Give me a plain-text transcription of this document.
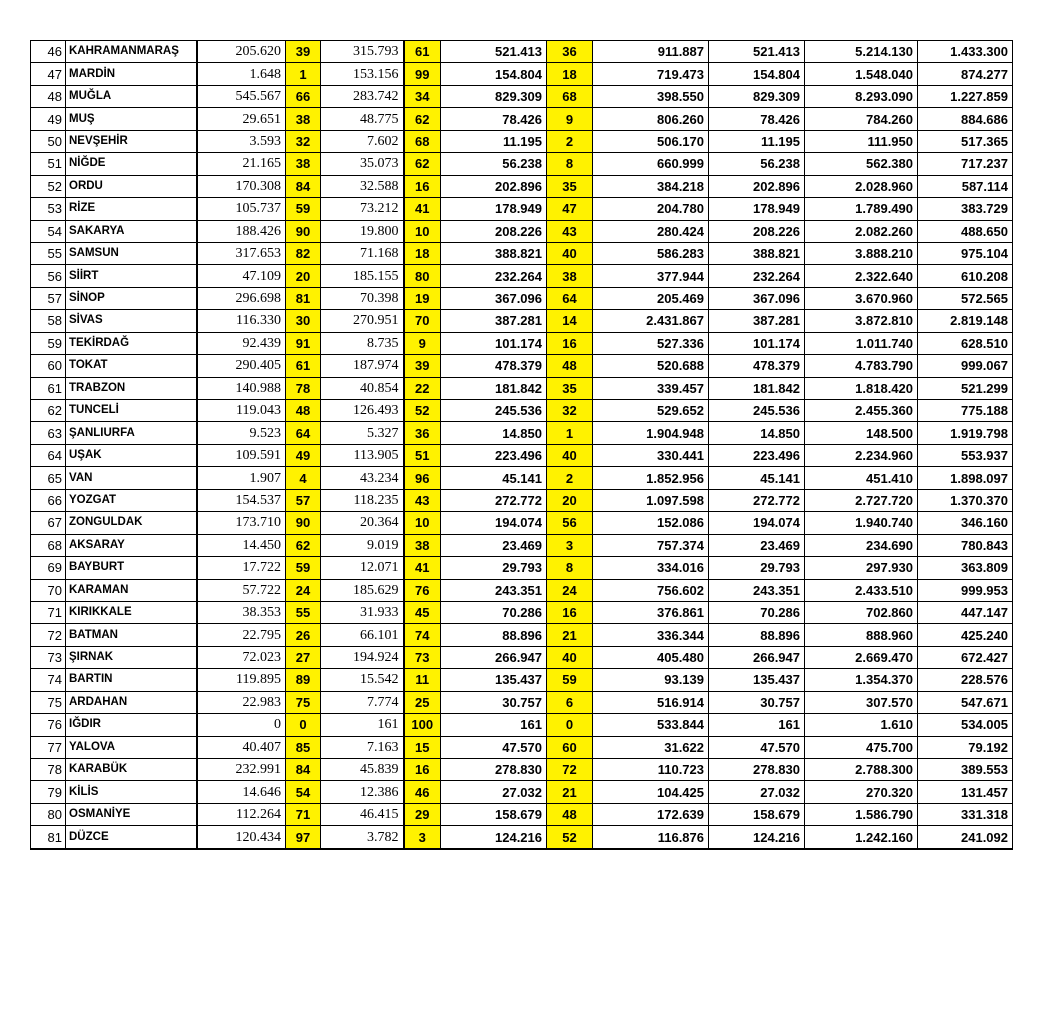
46	KAHRAMANMARAŞ	205.620	39	315.793	61	521.413	36	911.887	521.413	5.214.130	1.433.300
47	MARDİN	1.648	1	153.156	99	154.804	18	719.473	154.804	1.548.040	874.277
48	MUĞLA	545.567	66	283.742	34	829.309	68	398.550	829.309	8.293.090	1.227.859
49	MUŞ	29.651	38	48.775	62	78.426	9	806.260	78.426	784.260	884.686
50	NEVŞEHİR	3.593	32	7.602	68	11.195	2	506.170	11.195	111.950	517.365
51	NİĞDE	21.165	38	35.073	62	56.238	8	660.999	56.238	562.380	717.237
52	ORDU	170.308	84	32.588	16	202.896	35	384.218	202.896	2.028.960	587.114
53	RİZE	105.737	59	73.212	41	178.949	47	204.780	178.949	1.789.490	383.729
54	SAKARYA	188.426	90	19.800	10	208.226	43	280.424	208.226	2.082.260	488.650
55	SAMSUN	317.653	82	71.168	18	388.821	40	586.283	388.821	3.888.210	975.104
56	SİİRT	47.109	20	185.155	80	232.264	38	377.944	232.264	2.322.640	610.208
57	SİNOP	296.698	81	70.398	19	367.096	64	205.469	367.096	3.670.960	572.565
58	SİVAS	116.330	30	270.951	70	387.281	14	2.431.867	387.281	3.872.810	2.819.148
59	TEKİRDAĞ	92.439	91	8.735	9	101.174	16	527.336	101.174	1.011.740	628.510
60	TOKAT	290.405	61	187.974	39	478.379	48	520.688	478.379	4.783.790	999.067
61	TRABZON	140.988	78	40.854	22	181.842	35	339.457	181.842	1.818.420	521.299
62	TUNCELİ	119.043	48	126.493	52	245.536	32	529.652	245.536	2.455.360	775.188
63	ŞANLIURFA	9.523	64	5.327	36	14.850	1	1.904.948	14.850	148.500	1.919.798
64	UŞAK	109.591	49	113.905	51	223.496	40	330.441	223.496	2.234.960	553.937
65	VAN	1.907	4	43.234	96	45.141	2	1.852.956	45.141	451.410	1.898.097
66	YOZGAT	154.537	57	118.235	43	272.772	20	1.097.598	272.772	2.727.720	1.370.370
67	ZONGULDAK	173.710	90	20.364	10	194.074	56	152.086	194.074	1.940.740	346.160
68	AKSARAY	14.450	62	9.019	38	23.469	3	757.374	23.469	234.690	780.843
69	BAYBURT	17.722	59	12.071	41	29.793	8	334.016	29.793	297.930	363.809
70	KARAMAN	57.722	24	185.629	76	243.351	24	756.602	243.351	2.433.510	999.953
71	KIRIKKALE	38.353	55	31.933	45	70.286	16	376.861	70.286	702.860	447.147
72	BATMAN	22.795	26	66.101	74	88.896	21	336.344	88.896	888.960	425.240
73	ŞIRNAK	72.023	27	194.924	73	266.947	40	405.480	266.947	2.669.470	672.427
74	BARTIN	119.895	89	15.542	11	135.437	59	93.139	135.437	1.354.370	228.576
75	ARDAHAN	22.983	75	7.774	25	30.757	6	516.914	30.757	307.570	547.671
76	IĞDIR	0	0	161	100	161	0	533.844	161	1.610	534.005
77	YALOVA	40.407	85	7.163	15	47.570	60	31.622	47.570	475.700	79.192
78	KARABÜK	232.991	84	45.839	16	278.830	72	110.723	278.830	2.788.300	389.553
79	KİLİS	14.646	54	12.386	46	27.032	21	104.425	27.032	270.320	131.457
80	OSMANİYE	112.264	71	46.415	29	158.679	48	172.639	158.679	1.586.790	331.318
81	DÜZCE	120.434	97	3.782	3	124.216	52	116.876	124.216	1.242.160	241.092
